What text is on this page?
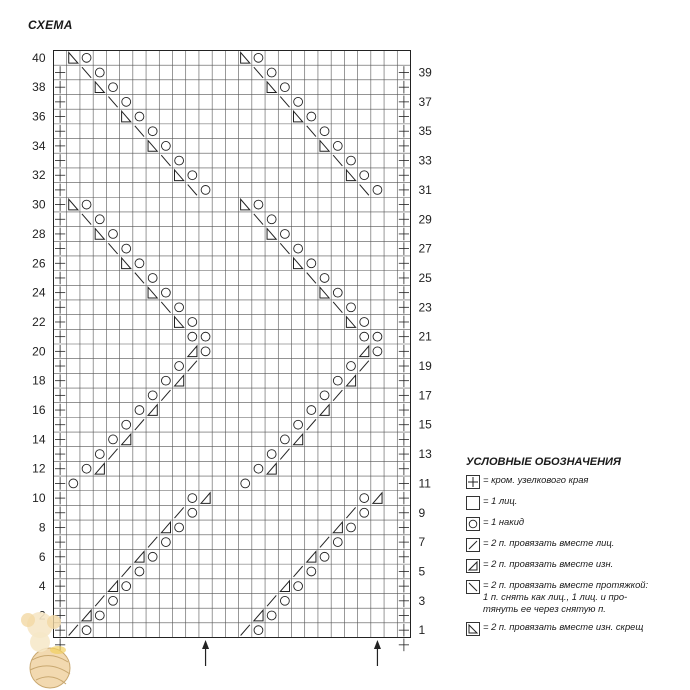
СХЕМА
40
38
36
34
32
30
28
26
24
22
20
18
16
14
12
10
8
6
4
39
37
35
33
31
29
27
25
23
21
19
17
15
13
11
9
7
5
3
1
УСЛОВНЫЕ ОБОЗНАЧЕНИЯ
= кром. узелкового края
= 1 лиц.
= 1 накид
= 2 п. провязать вместе лиц.
= 2 п. провязать вместе изн.
= 2 п. провязать вместе протяжкой:
1 п. снять как лиц., 1 лиц. и про-
тянуть ее через снятую п.
= 2 п. провязать вместе изн. скрещ
